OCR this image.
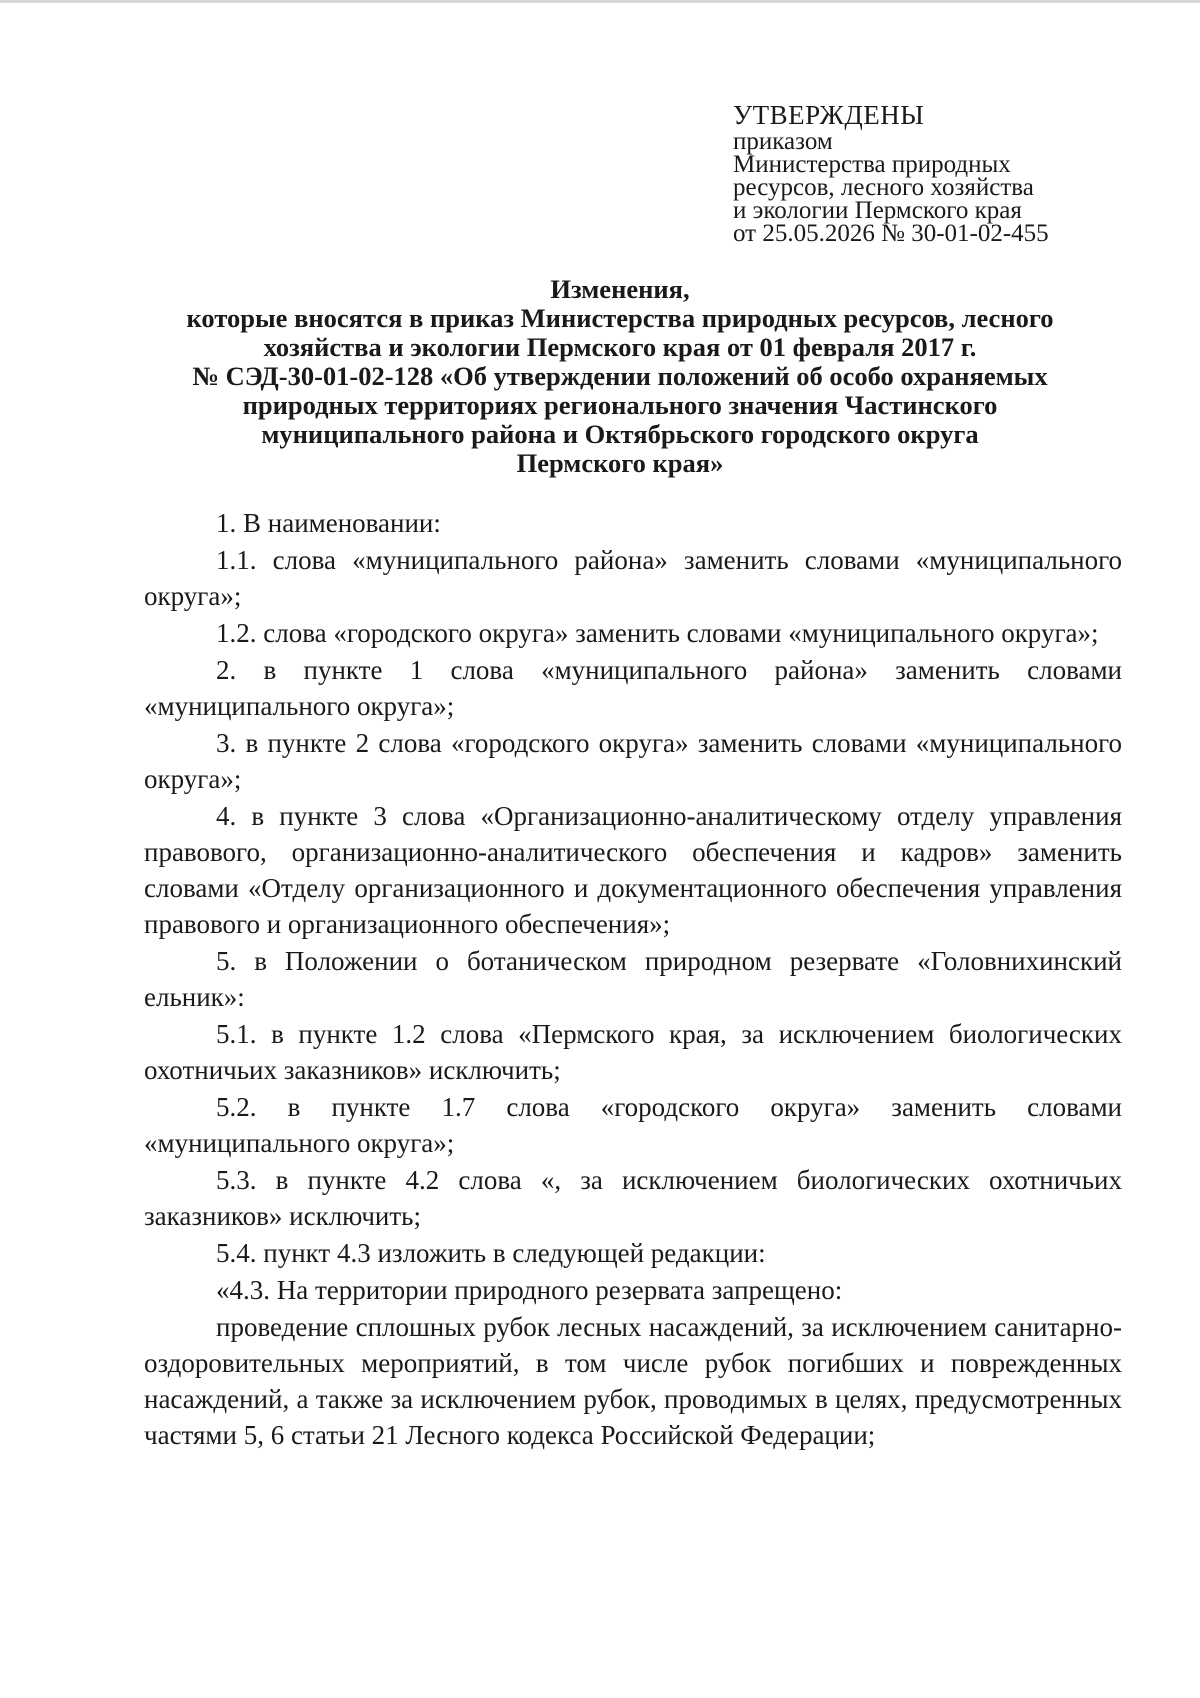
УТВЕРЖДЕНЫ
приказом
Министерства природных
ресурсов, лесного хозяйства
и экологии Пермского края
от 25.05.2026 № 30-01-02-455
Изменения,
которые вносятся в приказ Министерства природных ресурсов, лесного
хозяйства и экологии Пермского края от 01 февраля 2017 г.
№ СЭД-30-01-02-128 «Об утверждении положений об особо охраняемых
природных территориях регионального значения Частинского
муниципального района и Октябрьского городского округа
Пермского края»

1. В наименовании:

1.1. слова «муниципального района» заменить словами «муниципального округа»;

1.2. слова «городского округа» заменить словами «муниципального округа»;

2. в пункте 1 слова «муниципального района» заменить словами «муниципального округа»;

3. в пункте 2 слова «городского округа» заменить словами «муниципального округа»;

4. в пункте 3 слова «Организационно-аналитическому отделу управления правового, организационно-аналитического обеспечения и кадров» заменить словами «Отделу организационного и документационного обеспечения управления правового и организационного обеспечения»;

5. в Положении о ботаническом природном резервате «Головнихинский ельник»:

5.1. в пункте 1.2 слова «Пермского края, за исключением биологических охотничьих заказников» исключить;

5.2. в пункте 1.7 слова «городского округа» заменить словами «муниципального округа»;

5.3. в пункте 4.2 слова «, за исключением биологических охотничьих заказников» исключить;

5.4. пункт 4.3 изложить в следующей редакции:

«4.3. На территории природного резервата запрещено:

проведение сплошных рубок лесных насаждений, за исключением санитарно-оздоровительных мероприятий, в том числе рубок погибших и поврежденных насаждений, а также за исключением рубок, проводимых в целях, предусмотренных частями 5, 6 статьи 21 Лесного кодекса Российской Федерации;
